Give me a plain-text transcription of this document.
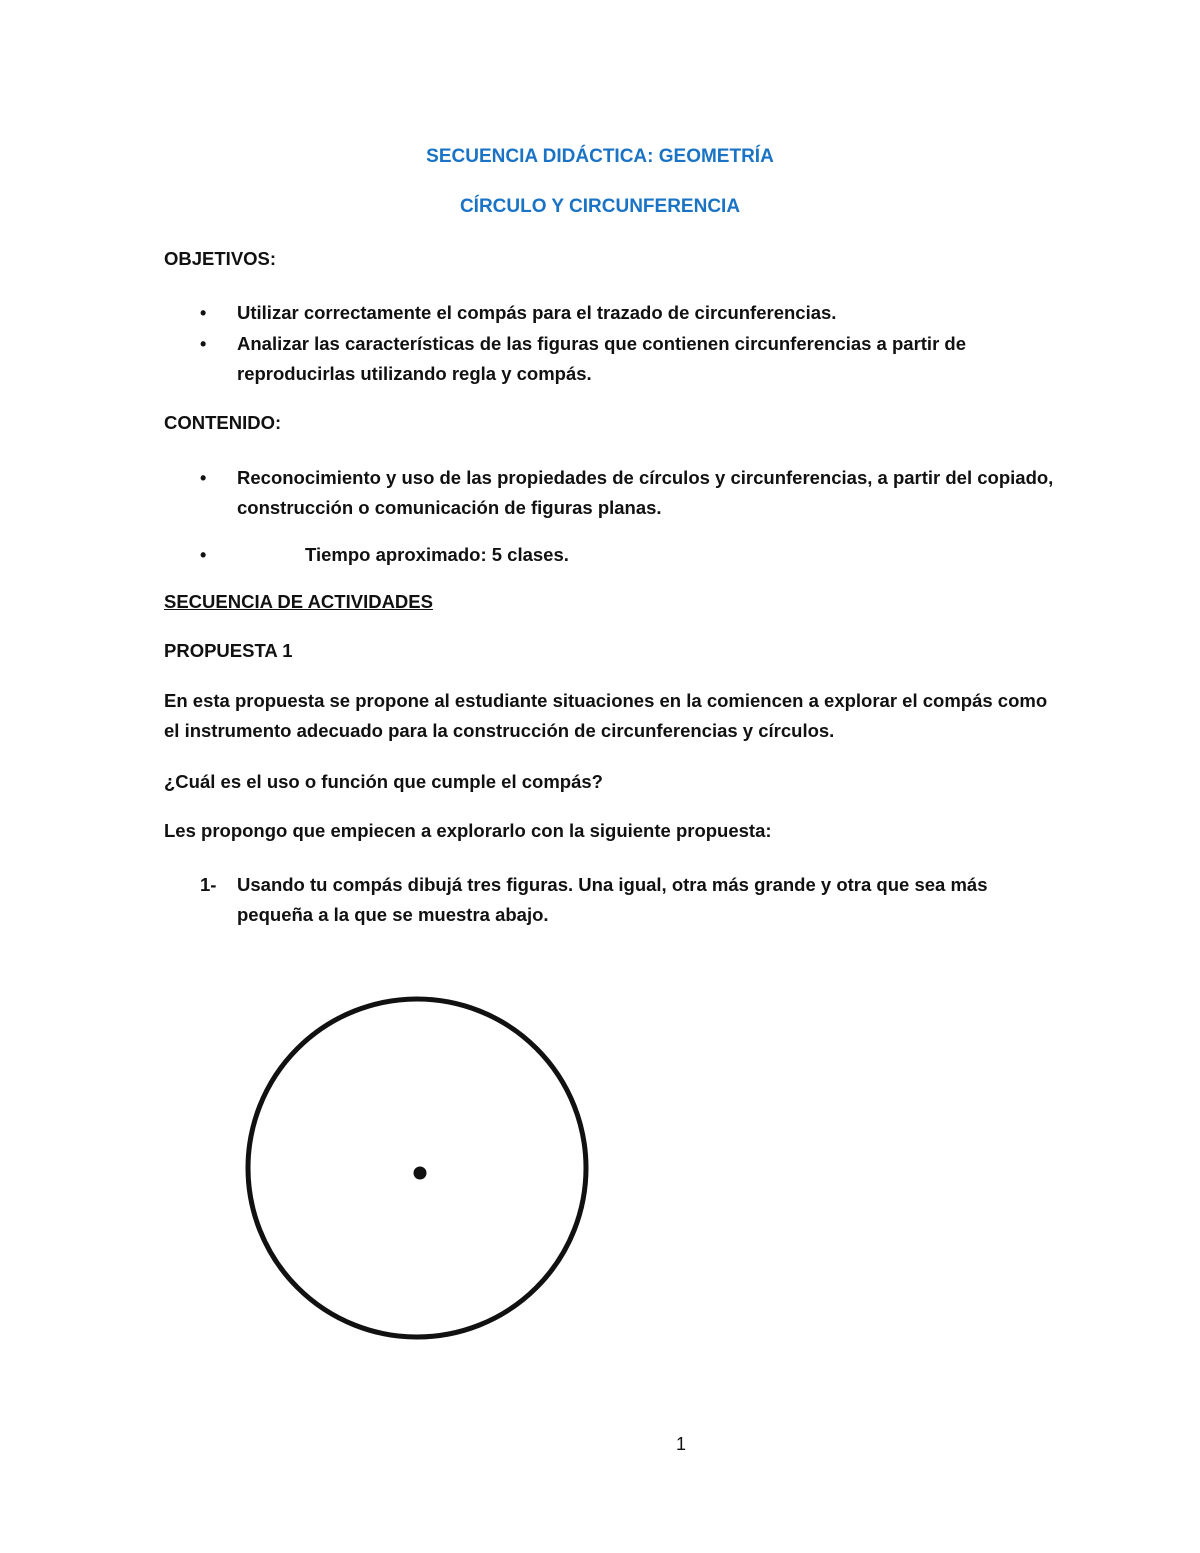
SECUENCIA DIDÁCTICA: GEOMETRÍA
CÍRCULO Y CIRCUNFERENCIA
OBJETIVOS:
• Utilizar correctamente el compás para el trazado de circunferencias.
• Analizar las características de las figuras que contienen circunferencias a partir de
reproducirlas utilizando regla y compás.
CONTENIDO:
• Reconocimiento y uso de las propiedades de círculos y circunferencias, a partir del copiado,
construcción o comunicación de figuras planas.
•	Tiempo aproximado: 5 clases.
SECUENCIA DE ACTIVIDADES
PROPUESTA 1
En esta propuesta se propone al estudiante situaciones en la comiencen a explorar el compás como
el instrumento adecuado para la construcción de circunferencias y círculos.
¿Cuál es el uso o función que cumple el compás?
Les propongo que empiecen a explorarlo con la siguiente propuesta:
1- Usando tu compás dibujá tres figuras. Una igual, otra más grande y otra que sea más
pequeña a la que se muestra abajo.
1
